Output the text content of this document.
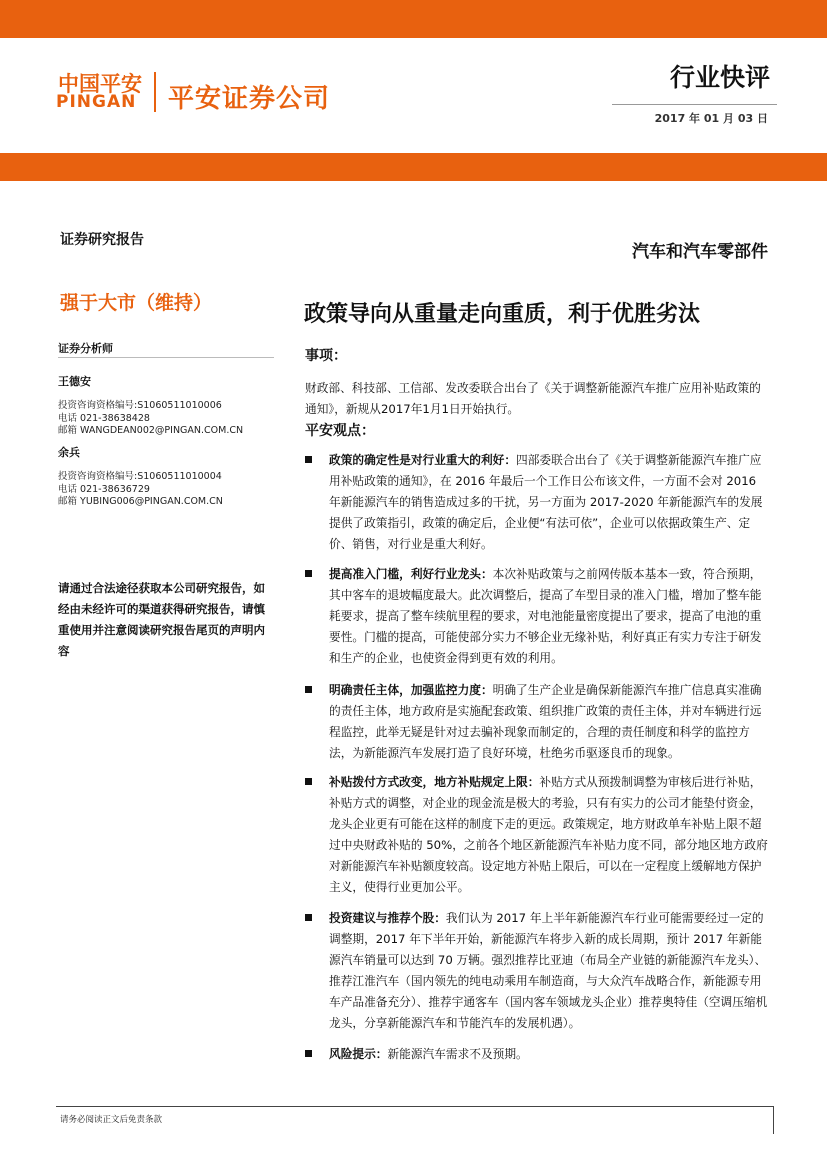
中国平安
PINGAN 平安证券公司
行业快评
2017 年 01 月 03 日
证券研究报告
汽车和汽车零部件
强于大市（维持）	政策导向从重量走向重质，利于优胜劣汰
证券分析师
王德安
投资咨询资格编号:S1060511010006
电话 021-38638428
邮箱 WANGDEAN002@PINGAN.COM.CN
余兵
投资咨询资格编号:S1060511010004
电话 021-38636729
邮箱 YUBING006@PINGAN.COM.CN
请通过合法途径获取本公司研究报告，如经由未经许可的渠道获得研究报告，请慎重使用并注意阅读研究报告尾页的声明内容
事项：
财政部、科技部、工信部、发改委联合出台了《关于调整新能源汽车推广应用补贴政策的通知》，新规从2017年1月1日开始执行。
平安观点：
政策的确定性是对行业重大的利好：四部委联合出台了《关于调整新能源汽车推广应用补贴政策的通知》，在 2016 年最后一个工作日公布该文件，一方面不会对 2016 年新能源汽车的销售造成过多的干扰，另一方面为 2017-2020 年新能源汽车的发展提供了政策指引，政策的确定后，企业便“有法可依”，企业可以依据政策生产、定价、销售，对行业是重大利好。
提高准入门槛，利好行业龙头：本次补贴政策与之前网传版本基本一致，符合预期，其中客车的退坡幅度最大。此次调整后，提高了车型目录的准入门槛，增加了整车能耗要求，提高了整车续航里程的要求，对电池能量密度提出了要求，提高了电池的重要性。门槛的提高，可能使部分实力不够企业无缘补贴，利好真正有实力专注于研发和生产的企业，也使资金得到更有效的利用。
明确责任主体，加强监控力度：明确了生产企业是确保新能源汽车推广信息真实准确的责任主体，地方政府是实施配套政策、组织推广政策的责任主体，并对车辆进行远程监控，此举无疑是针对过去骗补现象而制定的，合理的责任制度和科学的监控方法，为新能源汽车发展打造了良好环境，杜绝劣币驱逐良币的现象。
补贴拨付方式改变，地方补贴规定上限：补贴方式从预拨制调整为审核后进行补贴，补贴方式的调整，对企业的现金流是极大的考验，只有有实力的公司才能垫付资金，龙头企业更有可能在这样的制度下走的更远。政策规定，地方财政单车补贴上限不超过中央财政补贴的 50%，之前各个地区新能源汽车补贴力度不同，部分地区地方政府对新能源汽车补贴额度较高。设定地方补贴上限后，可以在一定程度上缓解地方保护主义，使得行业更加公平。
投资建议与推荐个股：我们认为 2017 年上半年新能源汽车行业可能需要经过一定的调整期，2017 年下半年开始，新能源汽车将步入新的成长周期，预计 2017 年新能源汽车销量可以达到 70 万辆。强烈推荐比亚迪（布局全产业链的新能源汽车龙头）、推荐江淮汽车（国内领先的纯电动乘用车制造商，与大众汽车战略合作，新能源专用车产品准备充分）、推荐宇通客车（国内客车领域龙头企业）推荐奥特佳（空调压缩机龙头，分享新能源汽车和节能汽车的发展机遇）。
风险提示：新能源汽车需求不及预期。
请务必阅读正文后免责条款
